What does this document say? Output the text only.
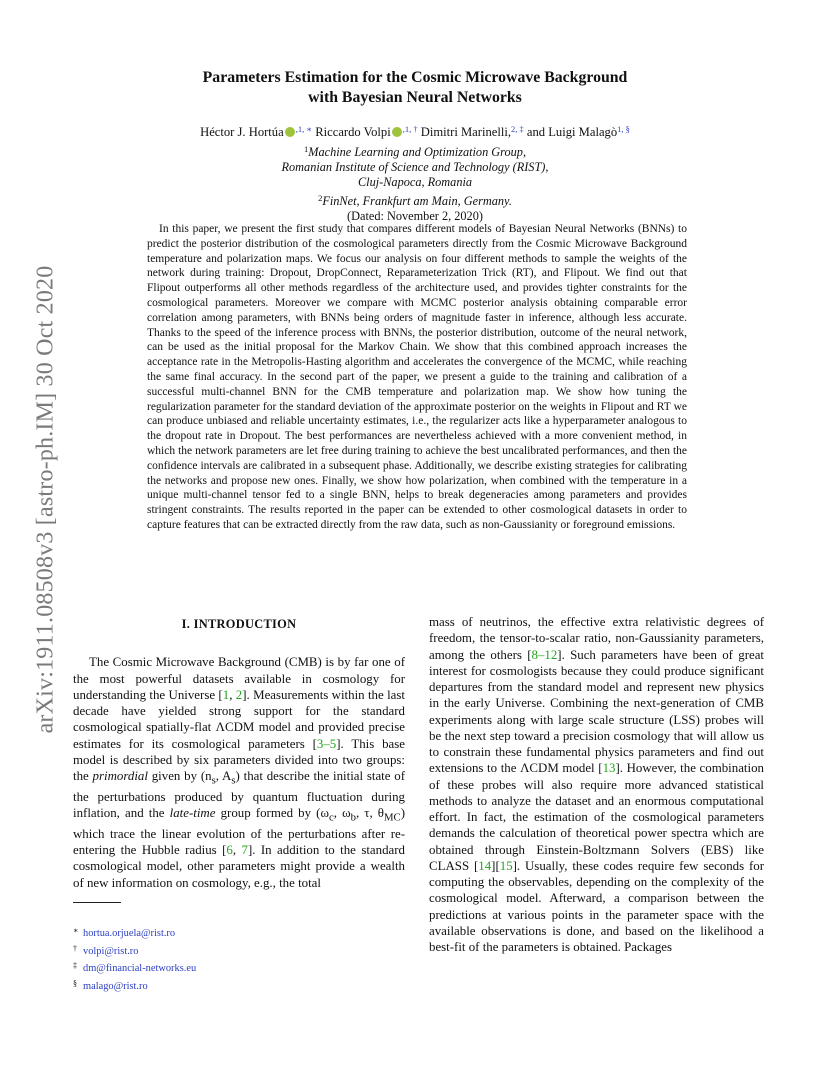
arXiv:1911.08508v3 [astro-ph.IM] 30 Oct 2020
Parameters Estimation for the Cosmic Microwave Background
with Bayesian Neural Networks
Héctor J. Hortúa $^{,1, ∗}$ Riccardo Volpi $^{,1, \dagger}$ Dimitri Marinelli,$^{2, \ddagger}$ and Luigi Malagò$^{1, \S}$
$^1$Machine Learning and Optimization Group,
Romanian Institute of Science and Technology (RIST),
Cluj-Napoca, Romania
$^2$FinNet, Frankfurt am Main, Germany.
(Dated: November 2, 2020)

In this paper, we present the first study that compares different models of Bayesian Neural Networks (BNNs) to predict the posterior distribution of the cosmological parameters directly from the Cosmic Microwave Background temperature and polarization maps. We focus our analysis on four different methods to sample the weights of the network during training: Dropout, DropConnect, Reparameterization Trick (RT), and Flipout. We find out that Flipout outperforms all other methods regardless of the architecture used, and provides tighter constraints for the cosmological parameters. Moreover we compare with MCMC posterior analysis obtaining comparable error correlation among parameters, with BNNs being orders of magnitude faster in inference, although less accurate. Thanks to the speed of the inference process with BNNs, the posterior distribution, outcome of the neural network, can be used as the initial proposal for the Markov Chain. We show that this combined approach increases the acceptance rate in the Metropolis-Hasting algorithm and accelerates the convergence of the MCMC, while reaching the same final accuracy. In the second part of the paper, we present a guide to the training and calibration of a successful multi-channel BNN for the CMB temperature and polarization map. We show how tuning the regularization parameter for the standard deviation of the approximate posterior on the weights in Flipout and RT we can produce unbiased and reliable uncertainty estimates, i.e., the regularizer acts like a hyperparameter analogous to the dropout rate in Dropout. The best performances are nevertheless achieved with a more convenient method, in which the network parameters are let free during training to achieve the best uncalibrated performances, and then the confidence intervals are calibrated in a subsequent phase. Additionally, we describe existing strategies for calibrating the networks and propose new ones. Finally, we show how polarization, when combined with the temperature in a unique multi-channel tensor fed to a single BNN, helps to break degeneracies among parameters and provides stringent constraints. The results reported in the paper can be extended to other cosmological datasets in order to capture features that can be extracted directly from the raw data, such as non-Gaussianity or foreground emissions.

I. INTRODUCTION

The Cosmic Microwave Background (CMB) is by far one of the most powerful datasets available in cosmology for understanding the Universe [1, 2]. Measurements within the last decade have yielded strong support for the standard cosmological spatially-flat ΛCDM model and provided precise estimates for its cosmological parameters [3–5]. This base model is described by six parameters divided into two groups: the primordial given by ($n_s$, $A_s$) that describe the initial state of the perturbations produced by quantum fluctuation during inflation, and the late-time group formed by ($\omega_c$, $\omega_b$, τ, $\theta_{MC}$) which trace the linear evolution of the perturbations after re-entering the Hubble radius [6, 7]. In addition to the standard cosmological model, other parameters might provide a wealth of new information on cosmology, e.g., the total

mass of neutrinos, the effective extra relativistic degrees of freedom, the tensor-to-scalar ratio, non-Gaussianity parameters, among the others [8–12]. Such parameters have been of great interest for cosmologists because they could produce significant departures from the standard model and represent new physics in the early Universe. Combining the next-generation of CMB experiments along with large scale structure (LSS) probes will be the next step toward a precision cosmology that will allow us to constrain these fundamental physics parameters and find out extensions to the ΛCDM model [13]. However, the combination of these probes will also require more advanced statistical methods to analyze the dataset and an enormous computational effort. In fact, the estimation of the cosmological parameters demands the calculation of theoretical power spectra which are obtained through Einstein-Boltzmann Solvers (EBS) like CLASS [14][15]. Usually, these codes require few seconds for computing the observables, depending on the complexity of the cosmological model. Afterward, a comparison between the predictions at various points in the parameter space with the available observations is done, and based on the likelihood a best-fit of the parameters is obtained. Packages

∗ hortua.orjuela@rist.ro
† volpi@rist.ro
‡ dm@financial-networks.eu
§ malago@rist.ro
